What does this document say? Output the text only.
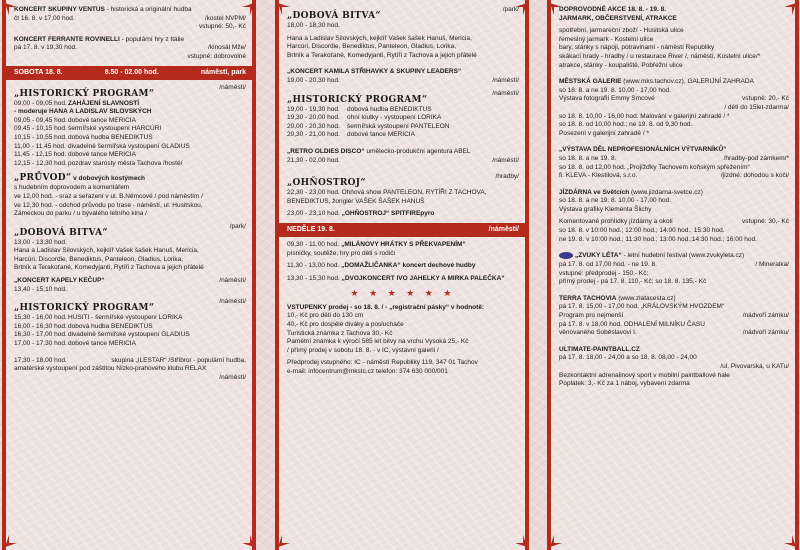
KONCERT SKUPINY VENTUS - historická a originální hudba
čt 16. 8. v 17,00 hod.	/kostel NVPM/
vstupné: 50,- Kč
KONCERT FERRANTE ROVINELLI - populární hry z Itálie
pá 17. 8. v 19,30 hod.	/kinosál Mže/
vstupné: dobrovolné
SOBOTA 18. 8.	8.50 - 02.00 hod.	náměstí, park
„HISTORICKÝ PROGRAM“
/náměstí/
09,00 - 09,05 hod. ZAHÁJENÍ SLAVNOSTÍ
- moderuje HANA A LADISLAV SILOVSKÝCH
09,05 - 09,45 hod. dobové tance MERICIA
09,45 - 10,15 hod. šermířské vystoupení HARCÚRI
10,15 - 10,55 hod. dobová hudba BENEDIKTUS
11,00 - 11,45 hod. divadelně šermířská vystoupení GLADIUS
11,45 - 12,15 hod. dobové tance MERICIA
12,15 - 12,30 hod. pozdrav starosty města Tachova /hosté/
„PRŮVOD“ v dobových kostýmech
s hudebním doprovodem a komentářem
ve 12,00 hod. - sraz a seřazení v ul. B.Němcové / pod náměstím /
ve 12,30 hod. - odchod průvodu po trase - náměstí, ul. Husitskou,
Zámeckou do parku / u bývalého letního kina /
„DOBOVÁ BITVA“
/park/
13,00 - 13,30 hod.
Hana a Ladislav Silovských, kejklíř Vašek šašek Hanuš, Mericia,
Harcúri, Discordie, Benediktus, Panteleon, Gladius, Lorika,
Brtník a Terakoťané, Komedyjanti, Rytíři z Tachova a jejich přátelé
„KONCERT KAPELY KEČUP“	/náměstí/
13,40 - 15,10 hod.
„HISTORICKÝ PROGRAM“
/náměstí/
15,30 - 16,00 hod. HUSITI - šermířské vystoupení LORIKA
16,00 - 16,30 hod. dobová hudba BENEDIKTUS
16,30 - 17,00 hod. divadelně šermířské vystoupení GLADIUS
17,00 - 17,30 hod. dobové tance MERICIA
17,30 - 18,00 hod.	skupina „ILESTAR“ /Stříbro/ - populární hudba,
amatérské vystoupení pod záštitou Nízko-prahového klubu RELAX
/náměstí/
„DOBOVÁ BITVA“
/park/
18,00 - 18,30 hod.
Hana a Ladislav Silovských, kejklíř Vašek šašek Hanuš, Mericia,
Harcúri, Discordie, Benediktus, Panteleon, Gladius, Lorika,
Brtník a Terakoťané, Komedyjanti, Rytíři z Tachova a jejich přátelé
„KONCERT KAMILA STŘIHAVKY & SKUPINY LEADERS“
19,00 - 20,30 hod.	/náměstí/
„HISTORICKÝ PROGRAM“
/náměstí/
19,00 - 19,30 hod.	dobová hudba BENEDIKTUS
19,30 - 20,00 hod.	ohní loutky - vystoupení LORIKA
20,00 - 20,30 hod.	šermířská vystoupení PANTELEON
20,30 - 21,00 hod.	dobové tance MERICIA
„RETRO OLDIES DISCO“ umělecko-produkční agentura ABEL
21,30 - 02,00 hod.	/náměstí/
„OHŇOSTROJ“
/hradby/
22,30 - 23,00 hod. Ohňová show PANTELEON, RYTÍŘI Z TACHOVA,
BENEDIKTUS, žonglér VAŠEK ŠAŠEK HANUŠ
23,00 - 23,10 hod. „OHŇOSTROJ“ SPITFIREpyro
NEDĚLE 19. 8.	/náměstí/
09,30 - 11,00 hod. „MILÁNOVY HRÁTKY S PŘEKVAPENÍM“
písničky, soutěže, hry pro děti s rodiči
11,30 - 13,00 hod. „DOMAŽLIČANKA“ koncert dechové hudby
13,30 - 15,30 hod. „DVOJKONCERT IVO JAHELKY A MIRKA PALEČKA“
★ ★ ★ ★ ★ ★
VSTUPENKY prodej - so 18. 8. / - „registrační pásky“ v hodnotě:
10,- Kč pro děti do 130 cm
40,- Kč pro dospělé diváky a posluchače
Turistická známka z Tachova 30,- Kč
Pamětní známka k výročí 585 let bitvy na vrchu Vysoká 25,- Kč
/ přímý prodej v sobotu 18. 8. - v IC, výstavní galerii /
Předprodej vstupného: IC - náměstí Republiky 119, 347 01 Tachov
e-mail: infocentrum@mkstc.cz telefon: 374 630 000/001
DOPROVODNÉ AKCE 18. 8. - 19. 8.
JARMARK, OBČERSTVENÍ, ATRAKCE
spotřební, jarmareční zboží - Husitská ulice
řemeslný jarmark - Kostelní ulice
bary, stánky s nápoji, potravinami - náměstí Republiky
skákací hrady - hradby / u restaurace River /, náměstí, Kostelní ulice/*
atrakce, stánky - koupaliště, Pobřežní ulice
MĚSTSKÁ GALERIE (www.mks.tachov.cz), GALERIJNÍ ZAHRADA
so 18. 8. a ne 19. 8. 10,00 - 17,00 hod.
Výstava fotografií Emmy Smcové	vstupné: 20,- Kč
/ děti do 15let-zdarma/
so 18. 8. 10,00 - 16,00 hod. Malování v galerijní zahradě / *
so 18. 8. od 10,00 hod.; ne 19. 8. od 9,30 hod.
Posezení v galerijní zahradě / *
„VÝSTAVA DĚL NEPROFESIONÁLNÍCH VÝTVARNÍKŮ“
so 18. 8. a ne 19. 8.	/hradby-pod zámkem/*
so 18. 8. od 12,00 hod. „Projížďky Tachovem koňským spřežením“
fi. KLEVA - Klestilová, s.r.o.	/jízdné: dohodou s koči/
JÍZDÁRNA ve Světcích (www.jizdarna-svetce.cz)
so 18. 8. a ne 19. 8. 10,00 - 17,00 hod.
Výstava grafiky Klementa Šlichy
Komentované prohlídky jízdárny a okolí	vstupné: 30,- Kč
so 18. 8. v 10:00 hod.; 12:00 hod.; 14:00 hod.; 15:30 hod.
ne 19. 8. v 10:00 hod.; 11:30 hod.; 13:00 hod.;14:30 hod.; 16:00 hod.
„ZVUKY LÉTA“ - letní hudební festival (www.zvukyleta.cz)
pá 17. 8. od 17,00 hod. - ne 19. 8.	/ Mineralka/
vstupné: předprodej - 150,- Kč;
přímý prodej - pá 17. 8. 110,- Kč; so 18. 8. 135,- Kč
TERRA TACHOVIA (www.zlatacesta.cz)
pá 17. 8. 15,00 - 17,00 hod. „KRÁLOVSKÝM HVOZDEM“
Program pro nejmenší	/nádvoří zámku/
pá 17. 8. v 18,00 hod. ODHALENÍ MILNÍKU ČASU
věnovaného Soběslavovi I.	/nádvoří zámku/
ULTIMATE-PAINTBALL.CZ
pá 17. 8. 18,00 - 24,00 a so 18. 8. 08,00 - 24,00
/ul. Pivovarská, u KATu/
Bezkontaktní adrenalinový sport v mobilní paintballové hale
Poplatek: 3,- Kč za 1 náboj, vybavení zdarma
